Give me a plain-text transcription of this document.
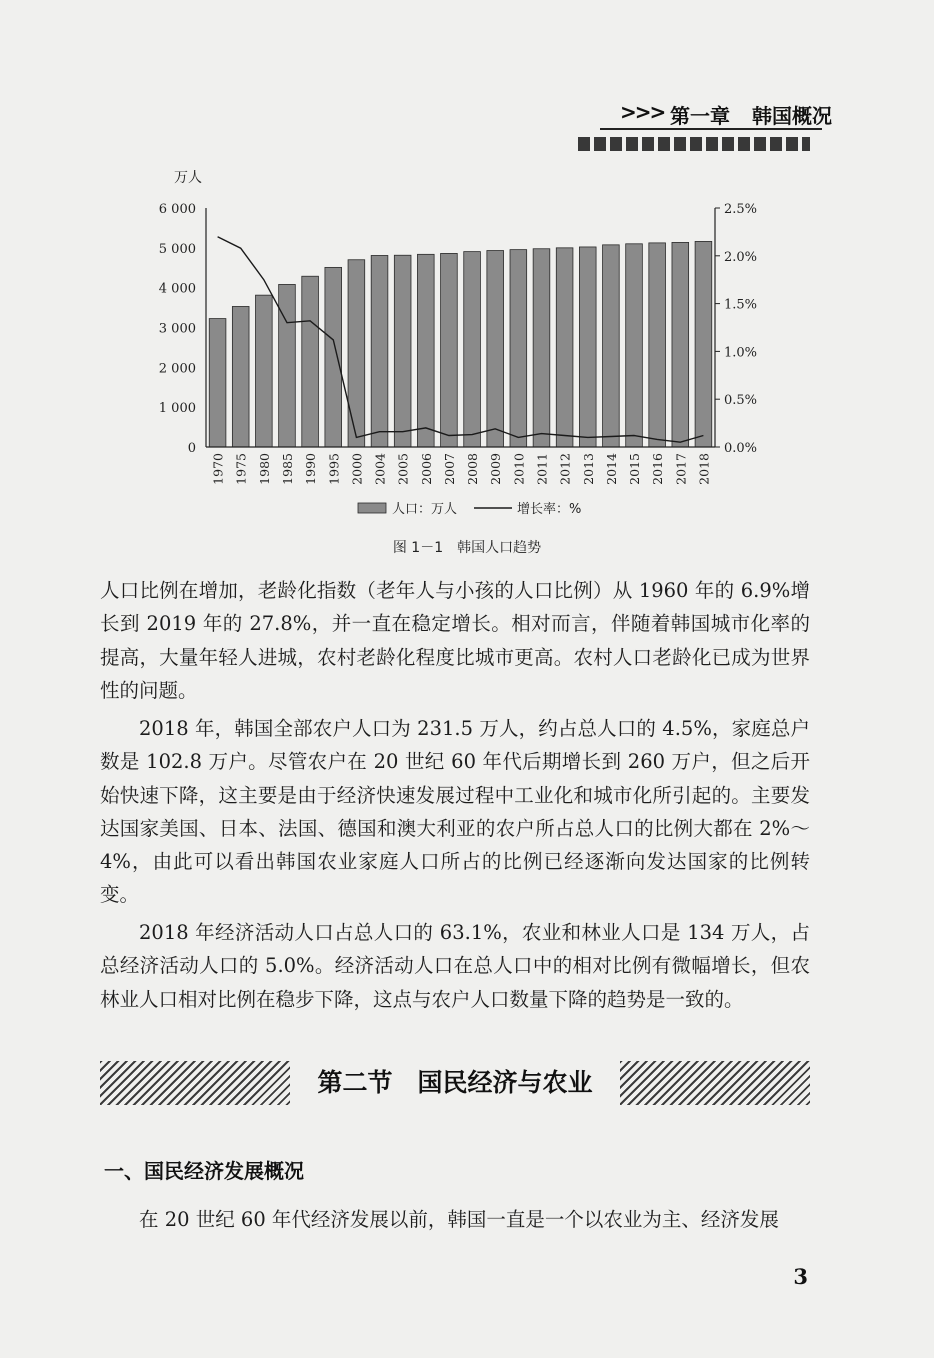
>>> 第一章 韩国概况
万人
0
1 000
2 000
3 000
4 000
5 000
6 000
0.0%
0.5%
1.0%
1.5%
2.0%
2.5%
1970 1975 1980 1985 1990 1995 2000 2004 2005 2006 2007 2008 2009 2010 2011 2012 2013 2014 2015 2016 2017 2018
人口：万人	增长率：%
图 1－1　韩国人口趋势

人口比例在增加，老龄化指数（老年人与小孩的人口比例）从 1960 年的 6.9%增长到 2019 年的 27.8%，并一直在稳定增长。相对而言，伴随着韩国城市化率的提高，大量年轻人进城，农村老龄化程度比城市更高。农村人口老龄化已成为世界性的问题。

2018 年，韩国全部农户人口为 231.5 万人，约占总人口的 4.5%，家庭总户数是 102.8 万户。尽管农户在 20 世纪 60 年代后期增长到 260 万户，但之后开始快速下降，这主要是由于经济快速发展过程中工业化和城市化所引起的。主要发达国家美国、日本、法国、德国和澳大利亚的农户所占总人口的比例大都在 2%～4%，由此可以看出韩国农业家庭人口所占的比例已经逐渐向发达国家的比例转变。

2018 年经济活动人口占总人口的 63.1%，农业和林业人口是 134 万人，占总经济活动人口的 5.0%。经济活动人口在总人口中的相对比例有微幅增长，但农林业人口相对比例在稳步下降，这点与农户人口数量下降的趋势是一致的。

第二节　国民经济与农业
一、国民经济发展概况

在 20 世纪 60 年代经济发展以前，韩国一直是一个以农业为主、经济发展

3
